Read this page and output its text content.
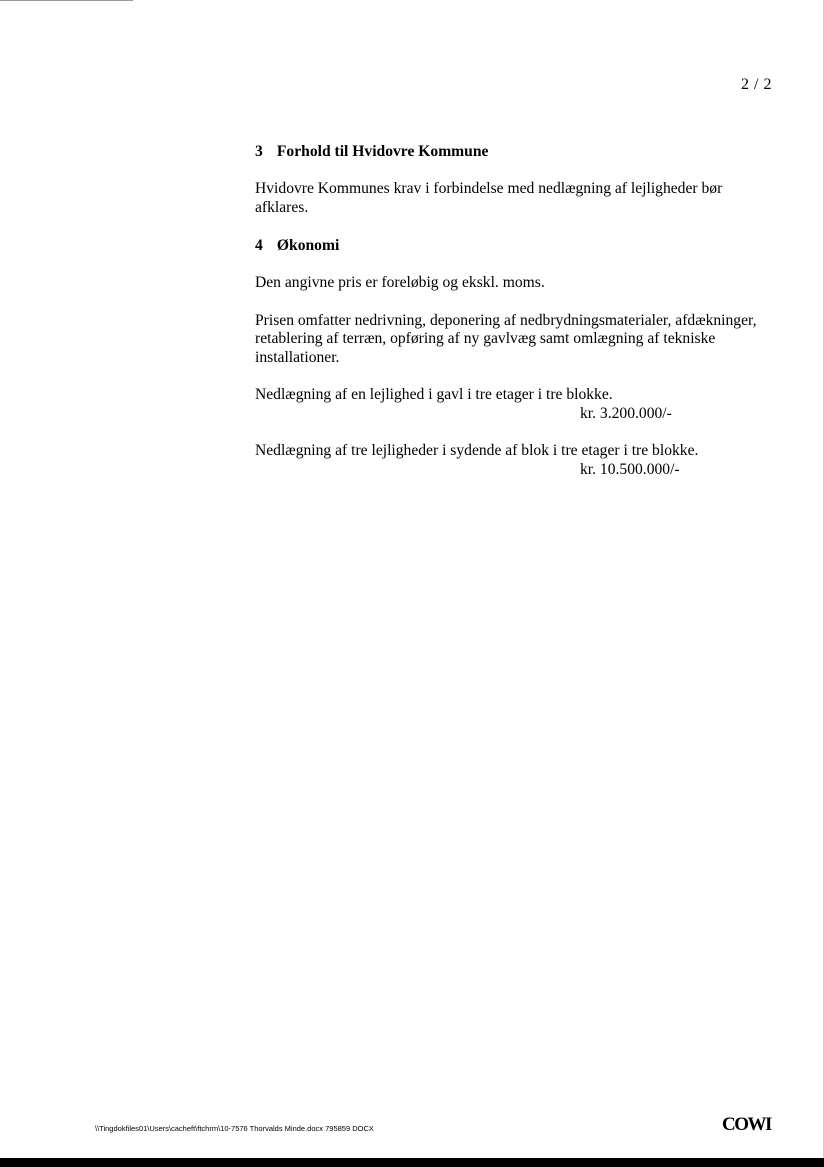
2 / 2
3 Forhold til Hvidovre Kommune

Hvidovre Kommunes krav i forbindelse med nedlægning af lejligheder bør afklares.

4 Økonomi

Den angivne pris er foreløbig og ekskl. moms.

Prisen omfatter nedrivning, deponering af nedbrydningsmaterialer, afdækninger, retablering af terræn, opføring af ny gavlvæg samt omlægning af tekniske installationer.

Nedlægning af en lejlighed i gavl i tre etager i tre blokke.

kr. 3.200.000/-

Nedlægning af tre lejligheder i sydende af blok i tre etager i tre blokke.

kr. 10.500.000/-

\\Tingdokfiles01\Users\cacheft\ftchrm\10-7576 Thorvalds Minde.docx 795859 DOCX	COWI
